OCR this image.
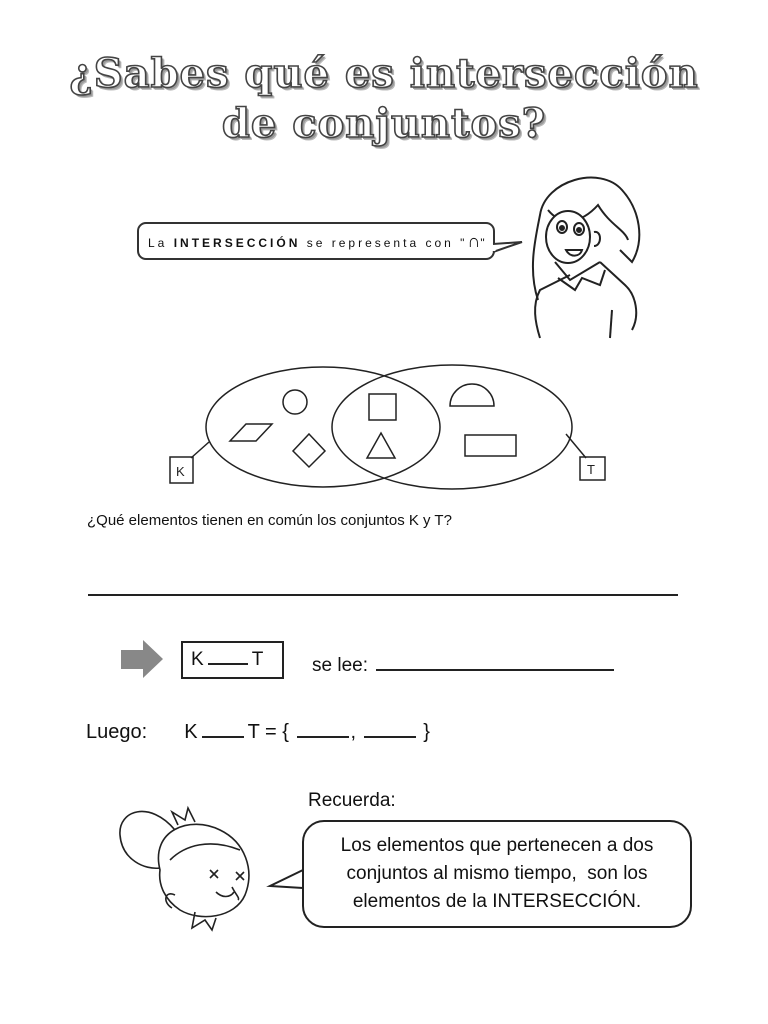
¿Sabes qué es intersección
de conjuntos?
La INTERSECCIÓN se representa con "∩"
K	T
¿Qué elementos tienen en común los conjuntos K y T?
K	T	se lee:
Luego: K	T = {	,	}
Recuerda:
Los elementos que pertenecen a dos
conjuntos al mismo tiempo,  son los
elementos de la INTERSECCIÓN.
